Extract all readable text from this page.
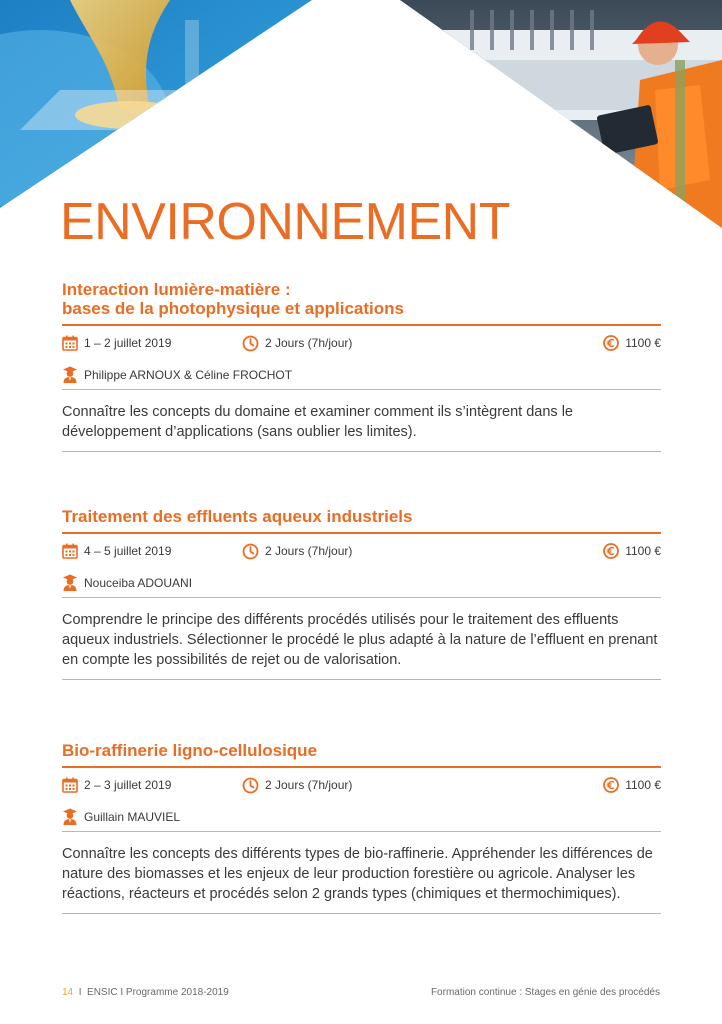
ENVIRONNEMENT
Interaction lumière-matière :
bases de la photophysique et applications
1 – 2 juillet 2019	2 Jours (7h/jour)	1100 €
Philippe ARNOUX & Céline FROCHOT

Connaître les concepts du domaine et examiner comment ils s’intègrent dans le développement d’applications (sans oublier les limites).

Traitement des effluents aqueux industriels
4 – 5 juillet 2019	2 Jours (7h/jour)	1100 €
Nouceiba ADOUANI

Comprendre le principe des différents procédés utilisés pour le traitement des effluents aqueux industriels. Sélectionner le procédé le plus adapté à la nature de l’effluent en prenant en compte les possibilités de rejet ou de valorisation.

Bio-raffinerie ligno-cellulosique
2 – 3 juillet 2019	2 Jours (7h/jour)	1100 €
Guillain MAUVIEL

Connaître les concepts des différents types de bio-raffinerie. Appréhender les différences de nature des biomasses et les enjeux de leur production forestière ou agricole. Analyser les réactions, réacteurs et procédés selon 2 grands types (chimiques et thermochimiques).

14 I ENSIC I Programme 2018-2019	Formation continue : Stages en génie des procédés
